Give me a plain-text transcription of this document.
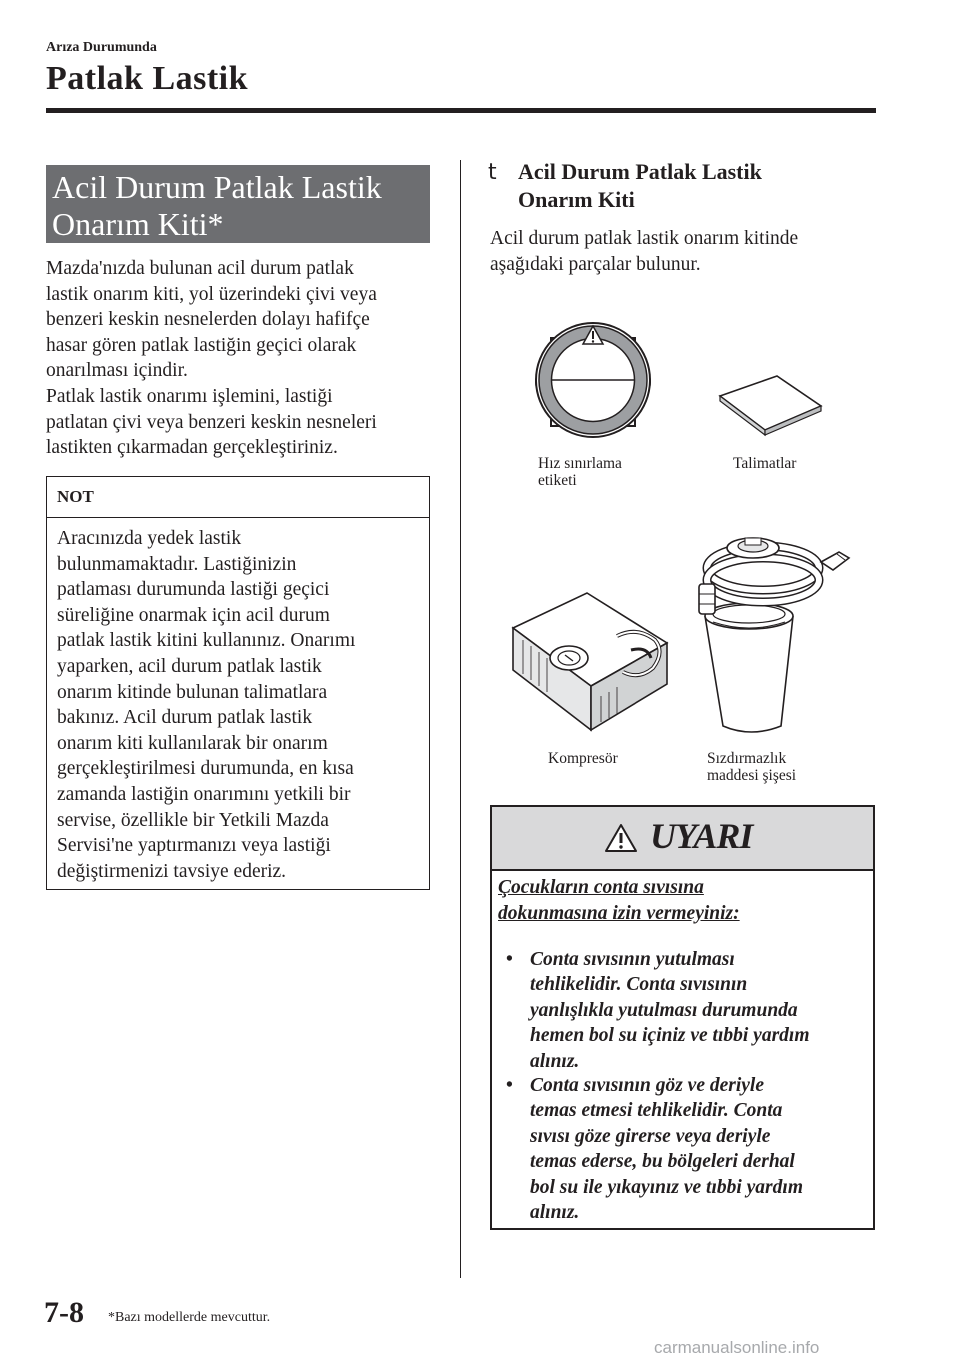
Arıza Durumunda
Patlak Lastik
Acil Durum Patlak Lastik
Onarım Kiti*

Mazda'nızda bulunan acil durum patlak

lastik onarım kiti, yol üzerindeki çivi veya

benzeri keskin nesnelerden dolayı hafifçe

hasar gören patlak lastiğin geçici olarak

onarılması içindir.

Patlak lastik onarımı işlemini, lastiği

patlatan çivi veya benzeri keskin nesneleri

lastikten çıkarmadan gerçekleştiriniz.

NOT
Aracınızda yedek lastik
bulunmamaktadır. Lastiğinizin
patlaması durumunda lastiği geçici
süreliğine onarmak için acil durum
patlak lastik kitini kullanınız. Onarımı
yaparken, acil durum patlak lastik
onarım kitinde bulunan talimatlara
bakınız. Acil durum patlak lastik
onarım kiti kullanılarak bir onarım
gerçekleştirilmesi durumunda, en kısa
zamanda lastiğin onarımını yetkili bir
servise, özellikle bir Yetkili Mazda
Servisi'ne yaptırmanızı veya lastiği
değiştirmenizi tavsiye ederiz.
t Acil Durum Patlak Lastik
Onarım Kiti
Acil durum patlak lastik onarım kitinde
aşağıdaki parçalar bulunur.
Hız sınırlama
etiketi
Talimatlar
Kompresör	Sızdırmazlık
maddesi şişesi
UYARI
Çocukların conta sıvısına
dokunmasına izin vermeyiniz:
• Conta sıvısının yutulması
tehlikelidir. Conta sıvısının
yanlışlıkla yutulması durumunda
hemen bol su içiniz ve tıbbi yardım
alınız.
• Conta sıvısının göz ve deriyle
temas etmesi tehlikelidir. Conta
sıvısı göze girerse veya deriyle
temas ederse, bu bölgeleri derhal
bol su ile yıkayınız ve tıbbi yardım
alınız.
7-8 *Bazı modellerde mevcuttur.
carmanualsonline.info
